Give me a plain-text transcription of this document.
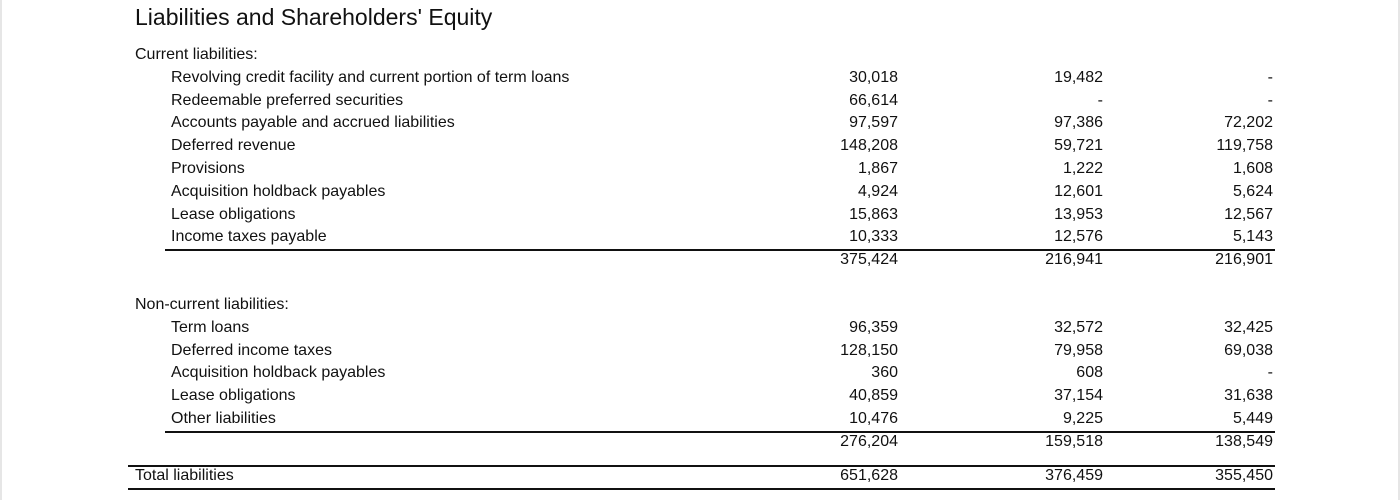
Liabilities and Shareholders' Equity
Current liabilities:
Revolving credit facility and current portion of term loans	30,018	19,482	-
Redeemable preferred securities	66,614	-	-
Accounts payable and accrued liabilities	97,597	97,386	72,202
Deferred revenue	148,208	59,721	119,758
Provisions	1,867	1,222	1,608
Acquisition holdback payables	4,924	12,601	5,624
Lease obligations	15,863	13,953	12,567
Income taxes payable	10,333	12,576	5,143
375,424	216,941	216,901
Non-current liabilities:
Term loans	96,359	32,572	32,425
Deferred income taxes	128,150	79,958	69,038
Acquisition holdback payables	360	608	-
Lease obligations	40,859	37,154	31,638
Other liabilities	10,476	9,225	5,449
276,204	159,518	138,549
Total liabilities	651,628	376,459	355,450
